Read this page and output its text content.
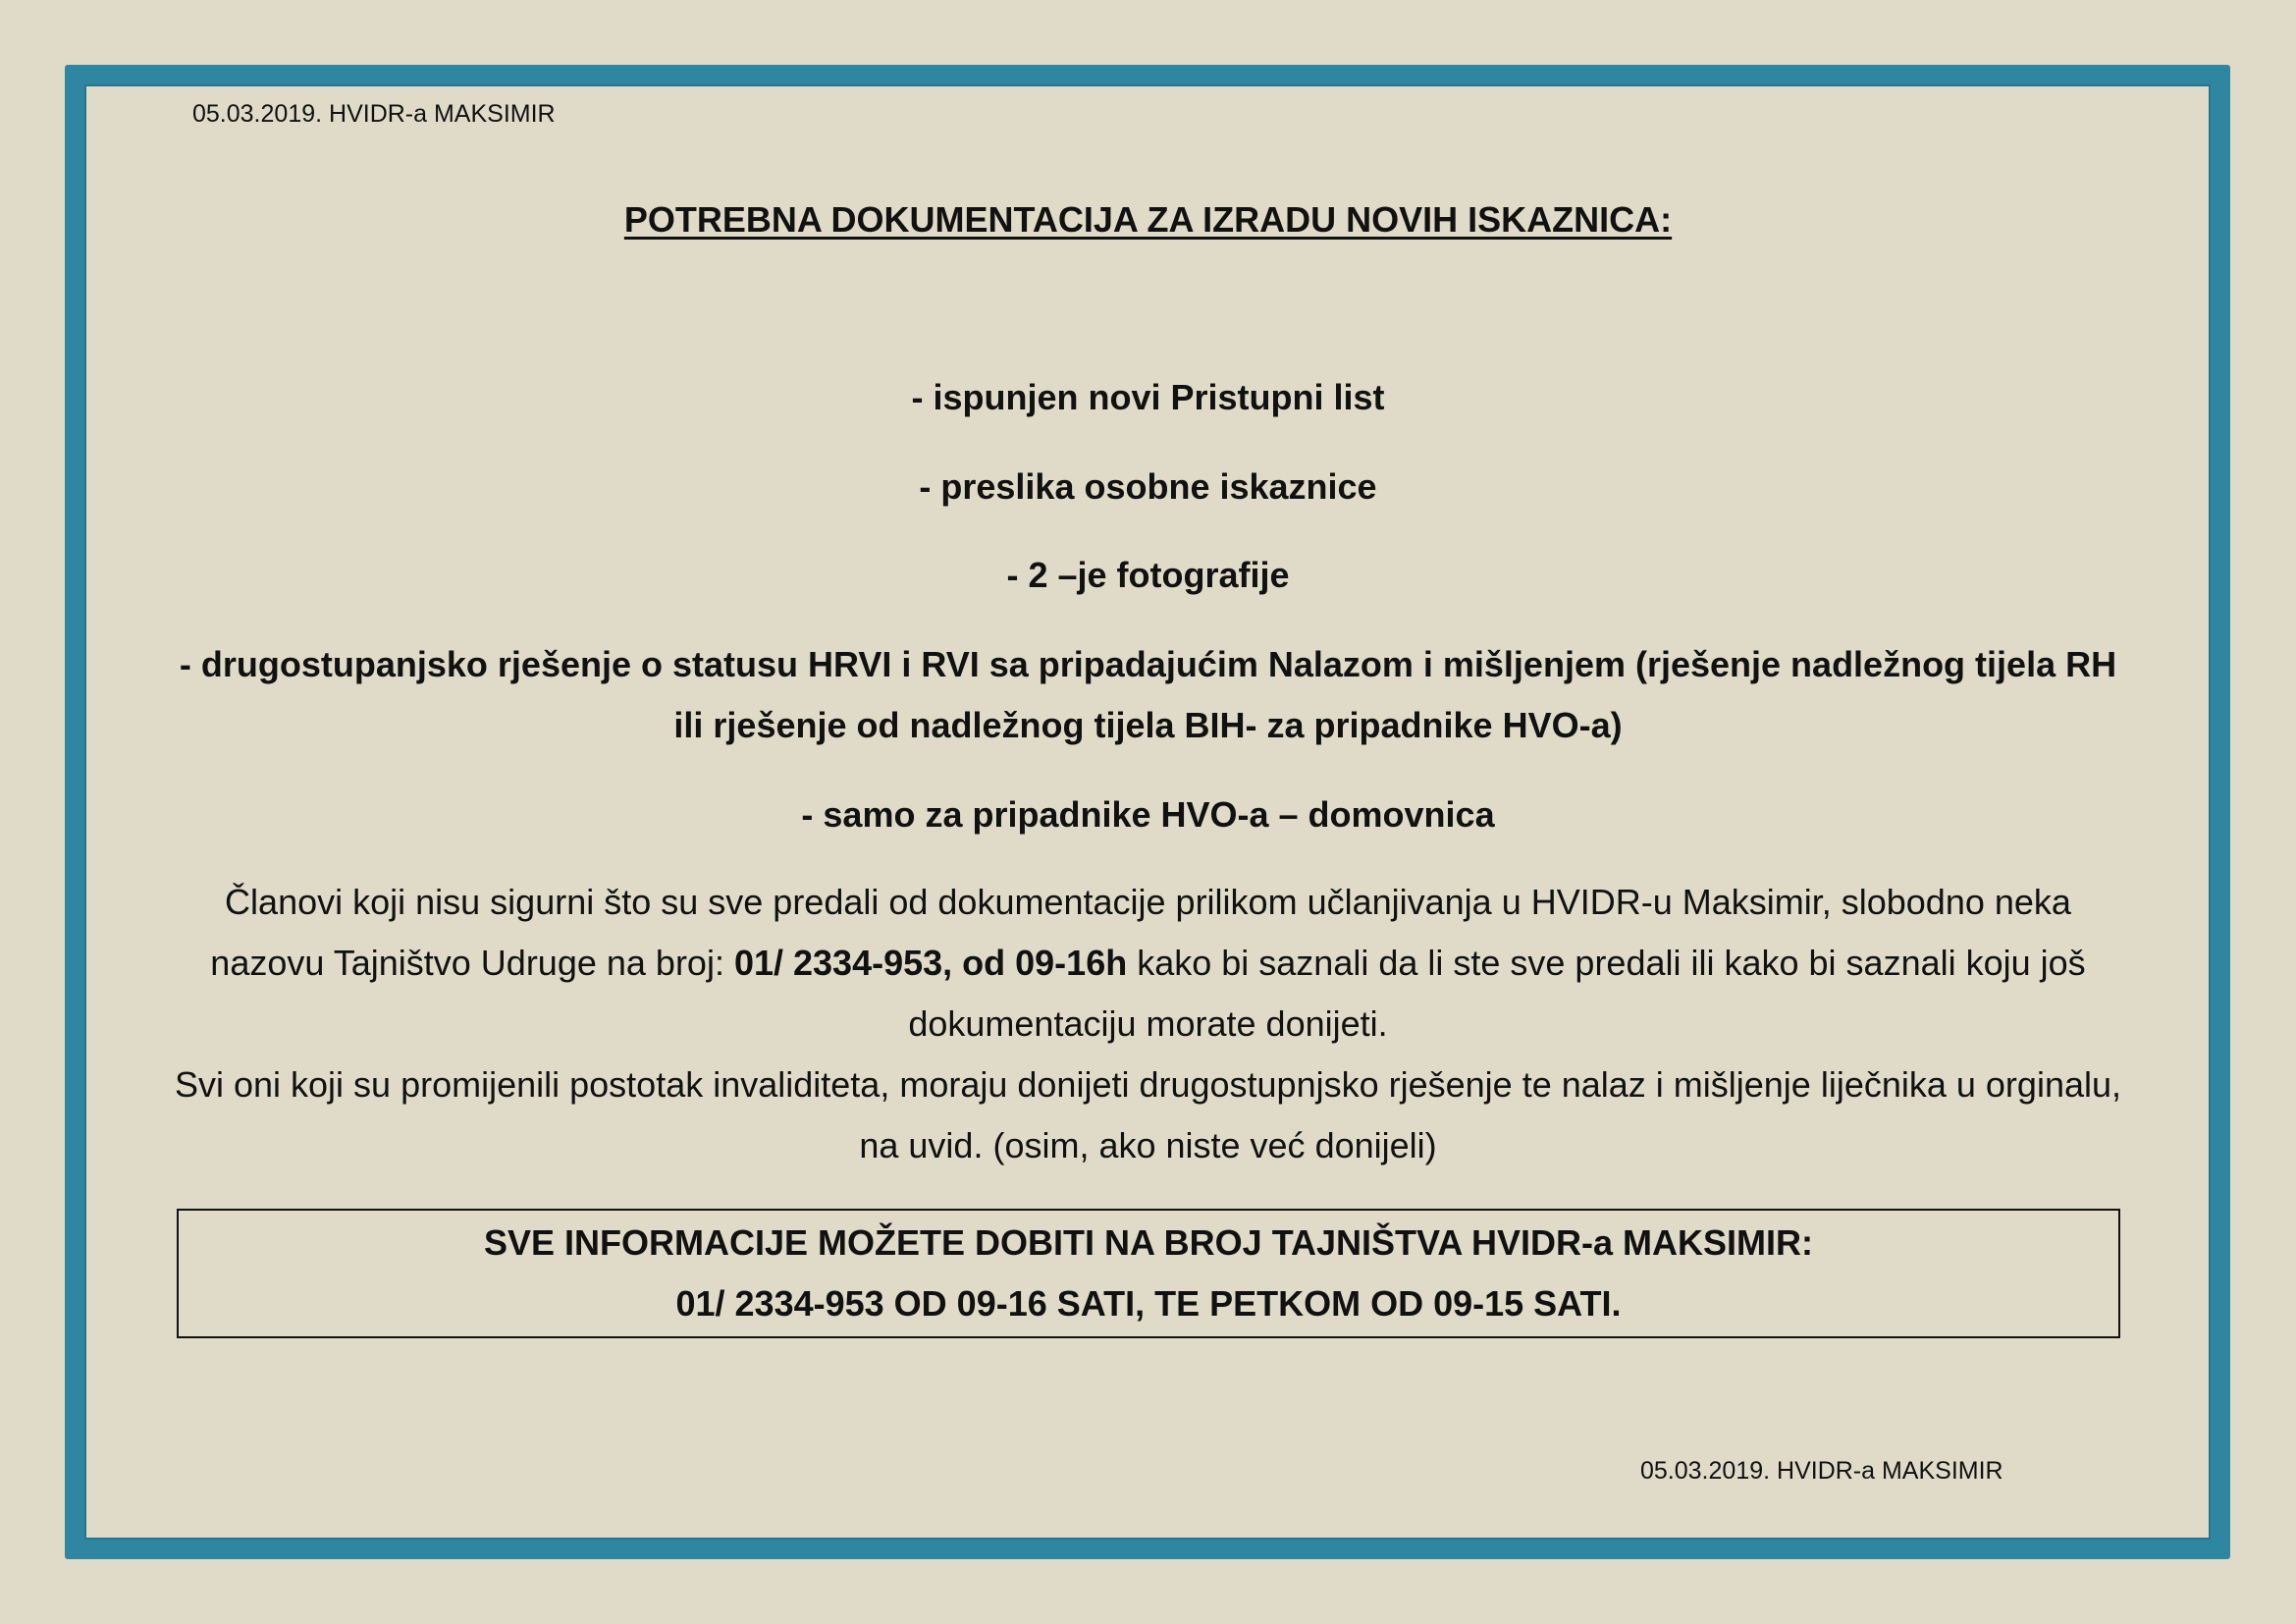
05.03.2019. HVIDR-a MAKSIMIR
POTREBNA DOKUMENTACIJA ZA IZRADU NOVIH ISKAZNICA:
- ispunjen novi Pristupni list
- preslika osobne iskaznice
- 2 –je fotografije
- drugostupanjsko rješenje o statusu HRVI i RVI sa pripadajućim Nalazom i mišljenjem (rješenje nadležnog tijela RH ili rješenje od nadležnog tijela BIH- za pripadnike HVO-a)
- samo za pripadnike HVO-a – domovnica
Članovi koji nisu sigurni što su sve predali od dokumentacije prilikom učlanjivanja u HVIDR-u Maksimir, slobodno neka nazovu Tajništvo Udruge na broj: 01/ 2334-953, od 09-16h kako bi saznali da li ste sve predali ili kako bi saznali koju još dokumentaciju morate donijeti.
Svi oni koji su promijenili postotak invaliditeta, moraju donijeti drugostupnjsko rješenje te nalaz i mišljenje liječnika u orginalu, na uvid. (osim, ako niste već donijeli)
SVE INFORMACIJE MOŽETE DOBITI NA BROJ TAJNIŠTVA HVIDR-a MAKSIMIR:
01/ 2334-953 OD 09-16 SATI, TE PETKOM OD 09-15 SATI.
05.03.2019. HVIDR-a MAKSIMIR
